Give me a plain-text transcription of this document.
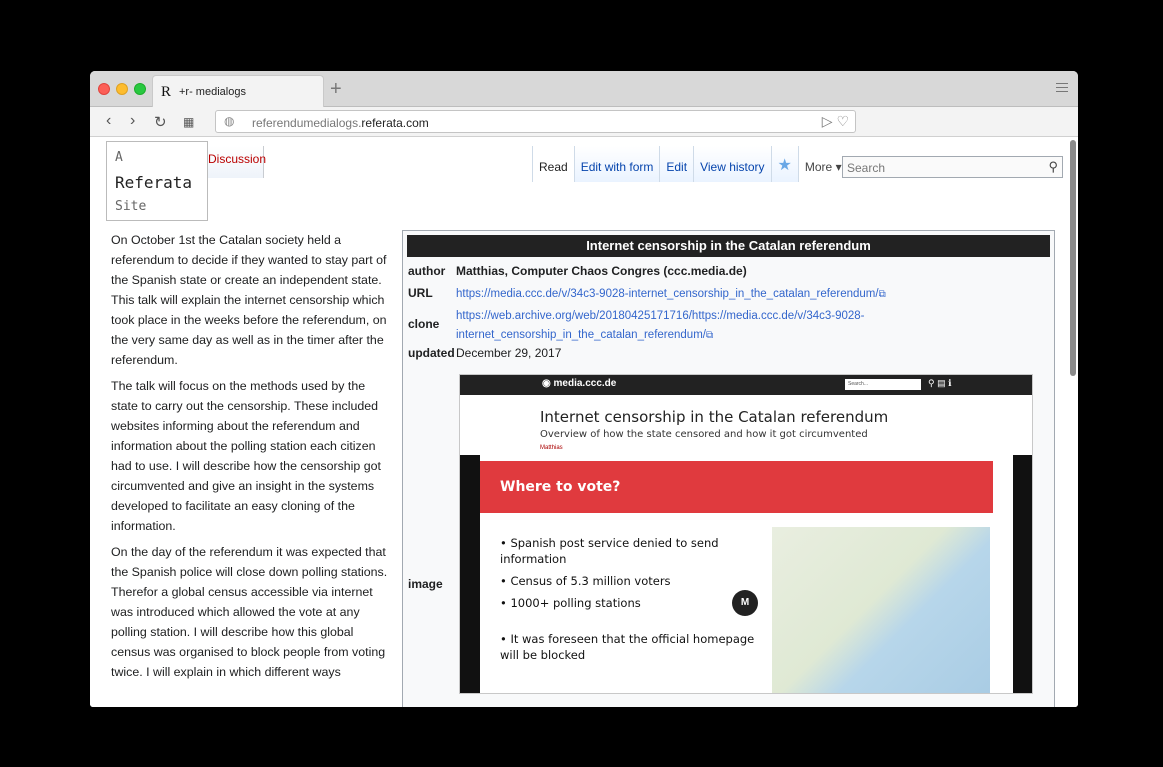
R +r- medialogs	+
‹ › ↻ ▦ ◍ referendumedialogs.referata.com	▷ ♡
Discussion
A
Referata
Site
Read	Edit with form	Edit	View history ★	More ▾ Search	⚲

On October 1st the Catalan society held a referendum to decide if they wanted to stay part of the Spanish state or create an independent state. This talk will explain the internet censorship which took place in the weeks before the referendum, on the very same day as well as in the timer after the referendum.

The talk will focus on the methods used by the state to carry out the censorship. These included websites informing about the referendum and information about the polling station each citizen had to use. I will describe how the censorship got circumvented and give an insight in the systems developed to facilitate an easy cloning of the information.

On the day of the referendum it was expected that the Spanish police will close down polling stations. Therefor a global census accessible via internet was introduced which allowed the vote at any polling station. I will describe how this global census was organised to block people from voting twice. I will explain in which different ways

Internet censorship in the Catalan referendum
author Matthias, Computer Chaos Congres (ccc.media.de)
URL https://media.ccc.de/v/34c3-9028-internet_censorship_in_the_catalan_referendum/⧉
clone
https://web.archive.org/web/20180425171716/https://media.ccc.de/v/34c3-9028-
internet_censorship_in_the_catalan_referendum/⧉
updated December 29, 2017
image
◉ media.ccc.de	Search...	⚲ ▤ ℹ
Internet censorship in the Catalan referendum
Overview of how the state censored and how it got circumvented
Matthias
Where to vote?
• Spanish post service denied to send information
• Census of 5.3 million voters
• 1000+ polling stations
• It was foreseen that the official homepage will be blocked
M
